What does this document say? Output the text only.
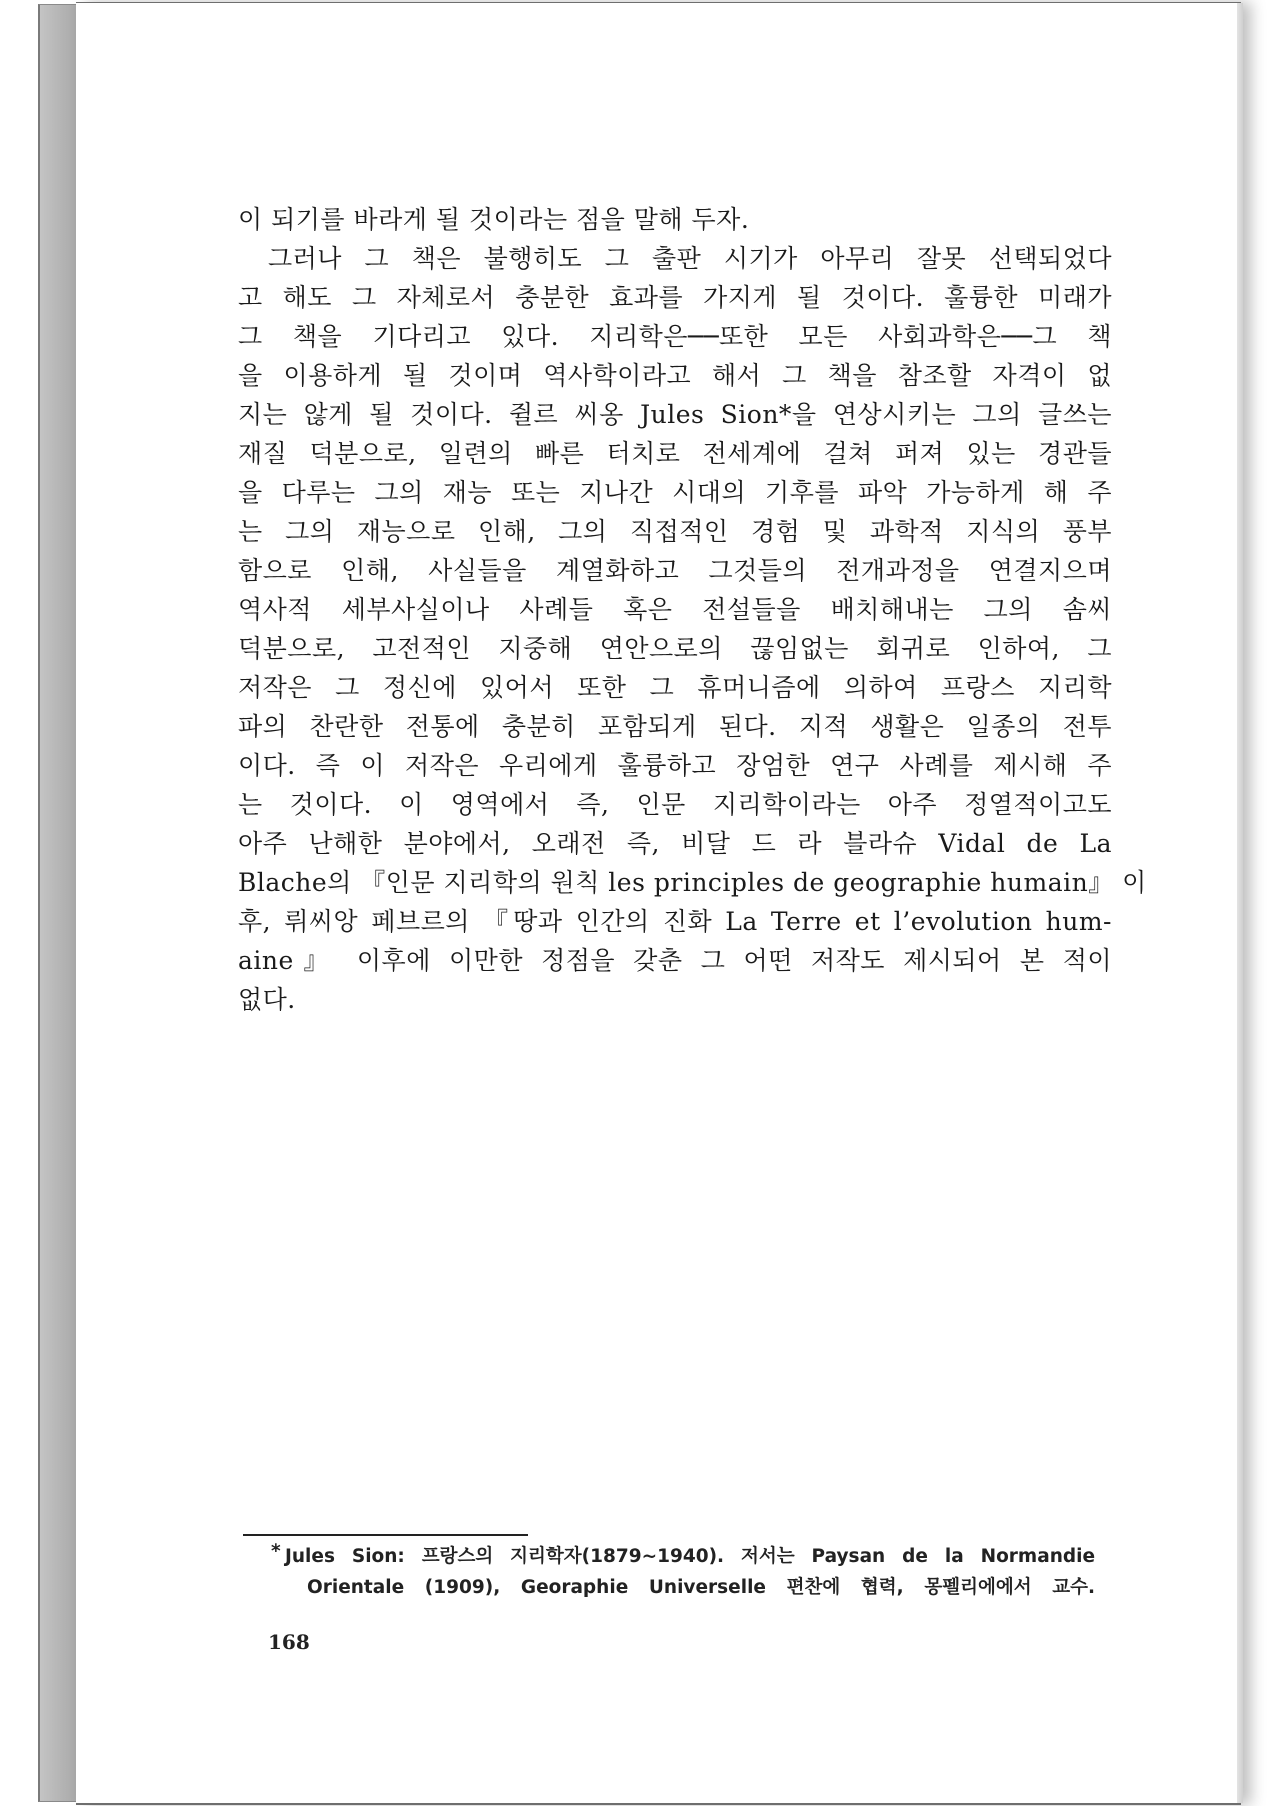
이 되기를 바라게 될 것이라는 점을 말해 두자.
그러나 그 책은 불행히도 그 출판 시기가 아무리 잘못 선택되었다
고 해도 그 자체로서 충분한 효과를 가지게 될 것이다. 훌륭한 미래가
그 책을 기다리고 있다. 지리학은──또한 모든 사회과학은──그 책
을 이용하게 될 것이며 역사학이라고 해서 그 책을 참조할 자격이 없
지는 않게 될 것이다. 쥘르 씨옹 Jules Sion*을 연상시키는 그의 글쓰는
재질 덕분으로, 일련의 빠른 터치로 전세계에 걸쳐 퍼져 있는 경관들
을 다루는 그의 재능 또는 지나간 시대의 기후를 파악 가능하게 해 주
는 그의 재능으로 인해, 그의 직접적인 경험 및 과학적 지식의 풍부
함으로 인해, 사실들을 계열화하고 그것들의 전개과정을 연결지으며
역사적 세부사실이나 사례들 혹은 전설들을 배치해내는 그의 솜씨
덕분으로, 고전적인 지중해 연안으로의 끊임없는 회귀로 인하여, 그
저작은 그 정신에 있어서 또한 그 휴머니즘에 의하여 프랑스 지리학
파의 찬란한 전통에 충분히 포함되게 된다. 지적 생활은 일종의 전투
이다. 즉 이 저작은 우리에게 훌륭하고 장엄한 연구 사례를 제시해 주
는 것이다. 이 영역에서 즉, 인문 지리학이라는 아주 정열적이고도
아주 난해한 분야에서, 오래전 즉, 비달 드 라 블라슈 Vidal de La
Blache의 『인문 지리학의 원칙 les principles de geographie humain』 이
후, 뤼씨앙 페브르의 『땅과 인간의 진화 La Terre et l’evolution hum-
aine』 이후에 이만한 정점을 갖춘 그 어떤 저작도 제시되어 본 적이
없다.
* Jules Sion: 프랑스의 지리학자(1879~1940). 저서는 Paysan de la Normandie
Orientale (1909), Georaphie Universelle 편찬에 협력, 몽펠리에에서 교수.
168
